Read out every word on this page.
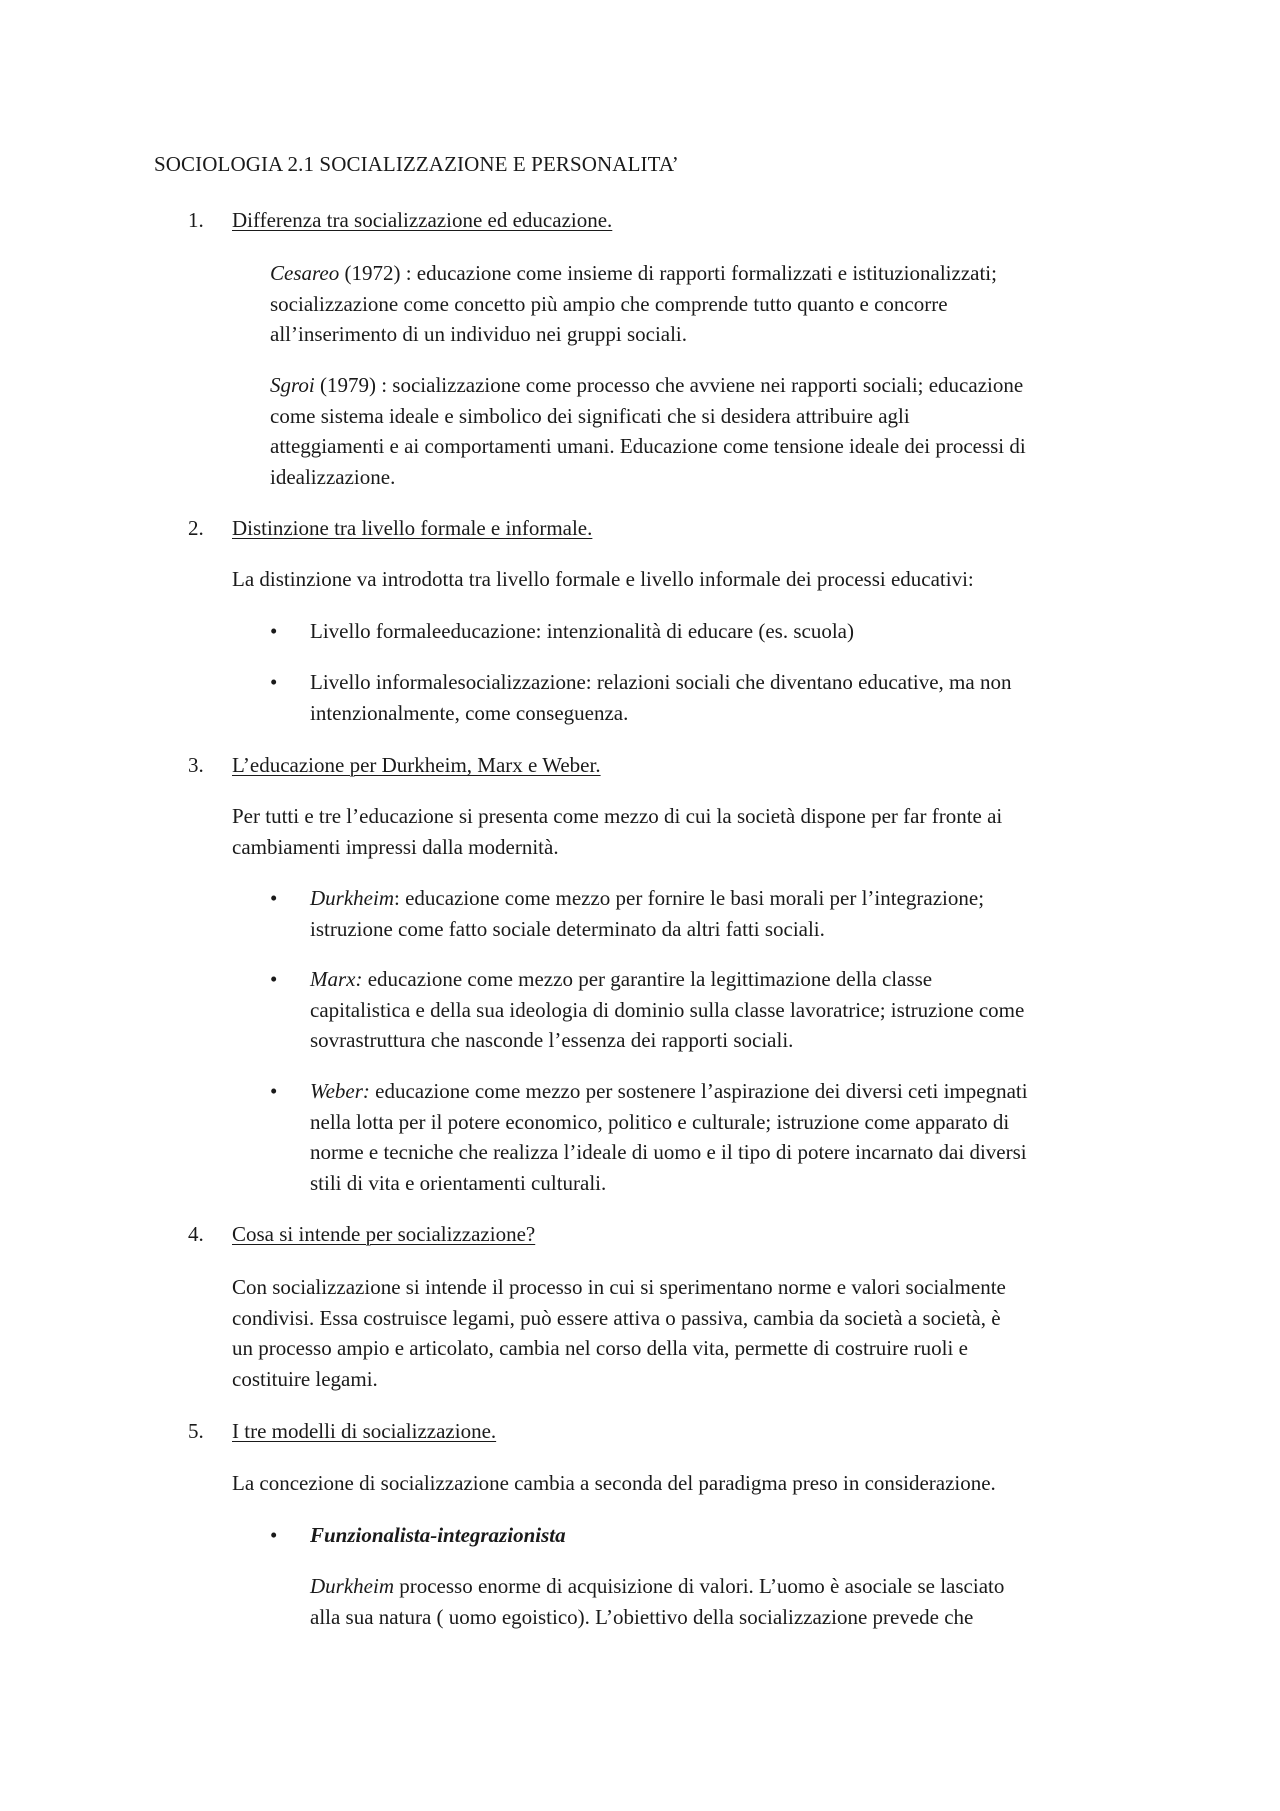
SOCIOLOGIA 2.1 SOCIALIZZAZIONE E PERSONALITA’
1. Differenza tra socializzazione ed educazione.
Cesareo (1972) : educazione come insieme di rapporti formalizzati e istituzionalizzati;
socializzazione come concetto più ampio che comprende tutto quanto e concorre
all’inserimento di un individuo nei gruppi sociali.
Sgroi (1979) : socializzazione come processo che avviene nei rapporti sociali; educazione
come sistema ideale e simbolico dei significati che si desidera attribuire agli
atteggiamenti e ai comportamenti umani. Educazione come tensione ideale dei processi di
idealizzazione.
2. Distinzione tra livello formale e informale.
La distinzione va introdotta tra livello formale e livello informale dei processi educativi:
• Livello formaleeducazione: intenzionalità di educare (es. scuola)
• Livello informalesocializzazione: relazioni sociali che diventano educative, ma non
intenzionalmente, come conseguenza.
3. L’educazione per Durkheim, Marx e Weber.
Per tutti e tre l’educazione si presenta come mezzo di cui la società dispone per far fronte ai
cambiamenti impressi dalla modernità.
• Durkheim: educazione come mezzo per fornire le basi morali per l’integrazione;
istruzione come fatto sociale determinato da altri fatti sociali.
• Marx: educazione come mezzo per garantire la legittimazione della classe
capitalistica e della sua ideologia di dominio sulla classe lavoratrice; istruzione come
sovrastruttura che nasconde l’essenza dei rapporti sociali.
• Weber: educazione come mezzo per sostenere l’aspirazione dei diversi ceti impegnati
nella lotta per il potere economico, politico e culturale; istruzione come apparato di
norme e tecniche che realizza l’ideale di uomo e il tipo di potere incarnato dai diversi
stili di vita e orientamenti culturali.
4. Cosa si intende per socializzazione?
Con socializzazione si intende il processo in cui si sperimentano norme e valori socialmente
condivisi. Essa costruisce legami, può essere attiva o passiva, cambia da società a società, è
un processo ampio e articolato, cambia nel corso della vita, permette di costruire ruoli e
costituire legami.
5. I tre modelli di socializzazione.
La concezione di socializzazione cambia a seconda del paradigma preso in considerazione.
• Funzionalista-integrazionista
Durkheim processo enorme di acquisizione di valori. L’uomo è asociale se lasciato
alla sua natura ( uomo egoistico). L’obiettivo della socializzazione prevede che
